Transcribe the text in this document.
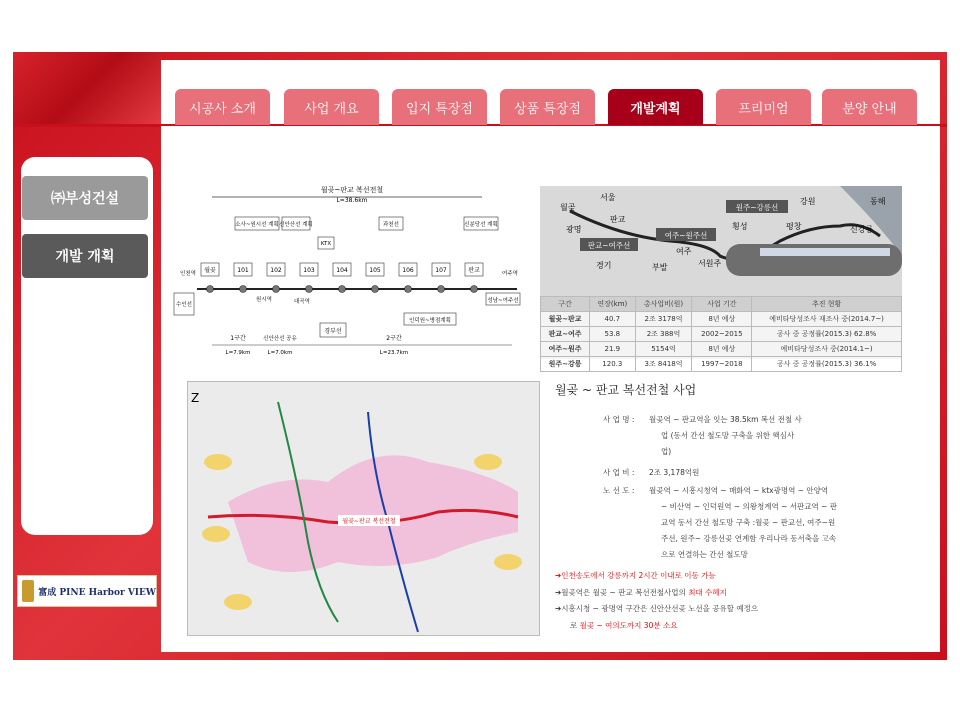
시공사 소개	사업 개요	입지 특장점	상품 특장점	개발계획	프리미엄	분양 안내
㈜부성건설
개발 개획
富成 PINE Harbor VIEW
월곶~판교 복선전철
L=38.6km
소사~원시선 계획 신안산선 계획
KTX
과천선	신분당선 계획
월곶	101	102	103	104	105	106	107	판교
인천역	여주역
수인선
원시역	대곡역
경부선
인덕원~병점계획
성남~여주선
1구간	신안산선 공유	2구간
L=7.9km	L=7.0km	L=23.7km
서울
월곶
판교
광명
판교~여주선
여주~원주선
원주~강릉선
강원
횡성	평창
동해
경기	부발
여주
서원주
신강릉
구간	연장(km)	총사업비(원)	사업 기간	추진 현황
월곶~판교	40.7	2조 3178억	8년 예상	예비타당성조사 재조사 중(2014.7~)
판교~여주	53.8	2조 388억	2002~2015	공사 중 공정률(2015.3) 62.8%
여주~원주	21.9	5154억	8년 예상	예비타당성조사 중(2014.1~)
원주~강릉	120.3	3조 8418억	1997~2018	공사 중 공정률(2015.3) 36.1%
Z
월곶~판교 복선전철
월곶 ~ 판교 복선전철 사업
사 업 명 : 월곶역 ~ 판교역을 잇는 38.5km 복선 전철 사
업 (동서 간선 철도망 구축을 위한 핵심사
업)
사 업 비 : 2조 3,178억원
노 선 도 : 월곶역 ~ 시흥시청역 ~ 매화역 ~ ktx광명역 ~ 안양역
~ 비산역 ~ 인덕원역 ~ 의왕청계역 ~ 서판교역 ~ 판
교역 동서 간선 철도망 구축 :월곶 ~ 판교선, 여주~원
주선, 원주~ 강릉선곶 연계함 우리나라 동서축을 고속
으로 연결하는 간선 철도망
➔인천송도에서 강릉까지 2시간 이내로 이동 가능
➔월곶역은 월곶 ~ 판교 복선전철사업의 최대 수혜지
➔시흥시청 ~ 광명역 구간은 신안산선곶 노선을 공유할 예정으
로 월곶 ~ 여의도까지 30분 소요
